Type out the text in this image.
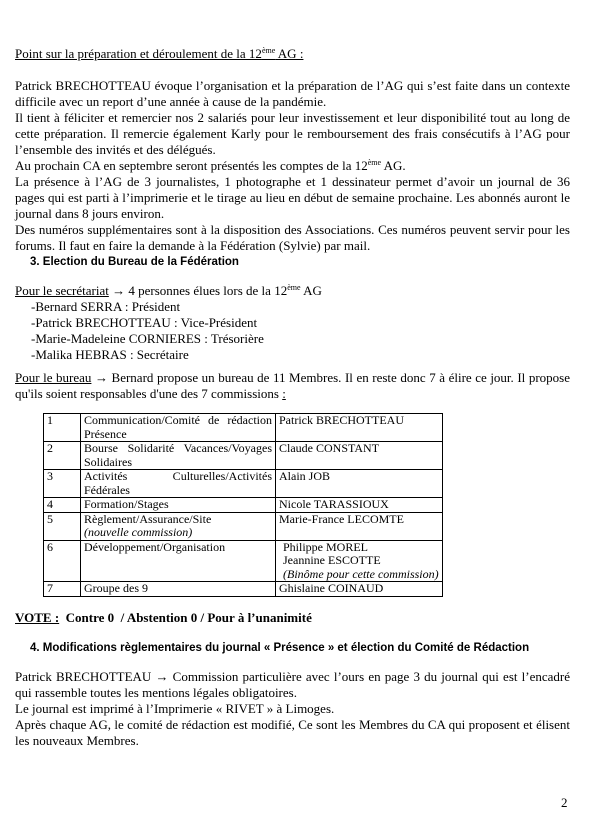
Point sur la préparation et déroulement de la 12ème AG :

Patrick BRECHOTTEAU évoque l’organisation et la préparation de l’AG qui s’est faite dans un contexte difficile avec un report d’une année à cause de la pandémie.

Il tient à féliciter et remercier nos 2 salariés pour leur investissement et leur disponibilité tout au long de cette préparation. Il remercie également Karly pour le remboursement des frais consécutifs à l’AG pour l’ensemble des invités et des délégués.

Au prochain CA en septembre seront présentés les comptes de la 12ème AG.

La présence à l’AG de 3 journalistes, 1 photographe et 1 dessinateur permet d’avoir un journal de 36 pages qui est parti à l’imprimerie et le tirage au lieu en début de semaine prochaine. Les abonnés auront le journal dans 8 jours environ.

Des numéros supplémentaires sont à la disposition des Associations. Ces numéros peuvent servir pour les forums. Il faut en faire la demande à la Fédération (Sylvie) par mail.

3. Election du Bureau de la Fédération

Pour le secrétariat → 4 personnes élues lors de la 12ème AG

-Bernard SERRA : Président

-Patrick BRECHOTTEAU : Vice-Président

-Marie-Madeleine CORNIERES : Trésorière

-Malika HEBRAS : Secrétaire

Pour le bureau → Bernard propose un bureau de 11 Membres. Il en reste donc 7 à élire ce jour. Il propose qu'ils soient responsables d'une des 7 commissions :

1	Communication/Comité de rédaction Présence	Patrick BRECHOTTEAU

2	Bourse Solidarité Vacances/Voyages Solidaires	Claude CONSTANT

3	Activités Culturelles/Activités Fédérales	Alain JOB

4	Formation/Stages	Nicole TARASSIOUX

5	Règlement/Assurance/Site
(nouvelle commission)	Marie-France LECOMTE

6	Développement/Organisation	Philippe MOREL
Jeannine ESCOTTE
(Binôme pour cette commission)

7	Groupe des 9	Ghislaine COINAUD
VOTE :  Contre 0  / Abstention 0 / Pour à l’unanimité
4. Modifications règlementaires du journal « Présence » et élection du Comité de Rédaction

Patrick BRECHOTTEAU → Commission particulière avec l’ours en page 3 du journal qui est l’encadré qui rassemble toutes les mentions légales obligatoires.

Le journal est imprimé à l’Imprimerie « RIVET » à Limoges.

Après chaque AG, le comité de rédaction est modifié, Ce sont les Membres du CA qui proposent et élisent les nouveaux Membres.

2
